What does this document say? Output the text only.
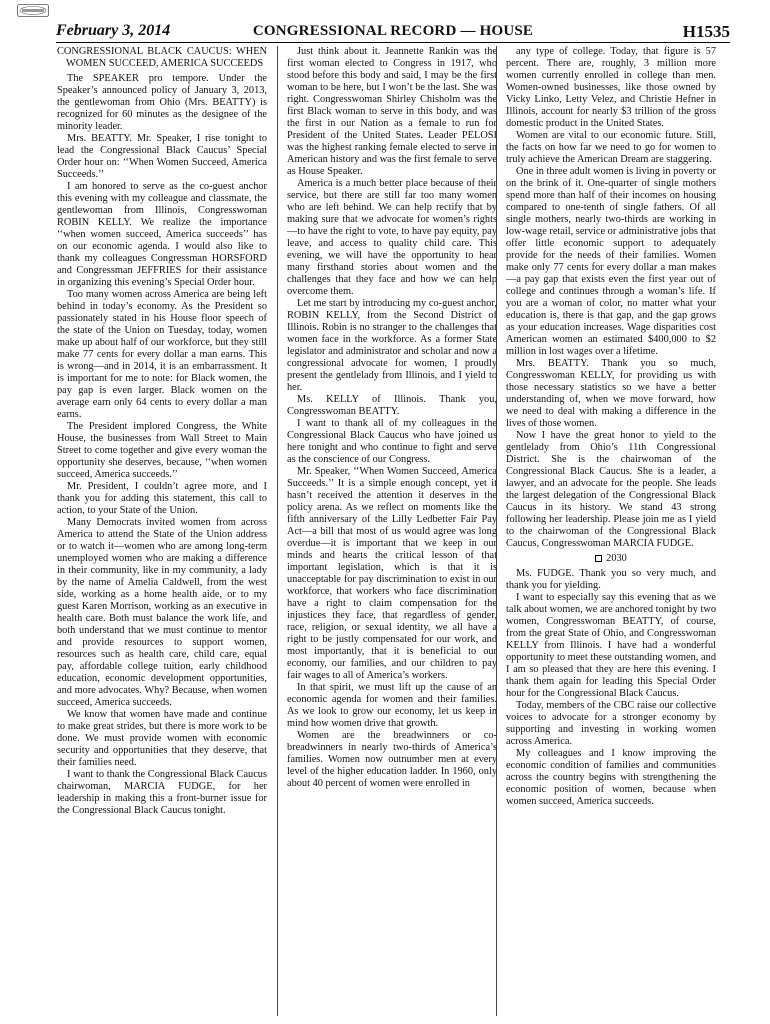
February 3, 2014	CONGRESSIONAL RECORD — HOUSE	H1535

CONGRESSIONAL BLACK CAUCUS: WHEN WOMEN SUCCEED, AMERICA SUCCEEDS

The SPEAKER pro tempore. Under the Speaker’s announced policy of January 3, 2013, the gentlewoman from Ohio (Mrs. BEATTY) is recognized for 60 minutes as the designee of the minority leader.

Mrs. BEATTY. Mr. Speaker, I rise tonight to lead the Congressional Black Caucus’ Special Order hour on: ‘‘When Women Succeed, America Succeeds.’’

I am honored to serve as the co-guest anchor this evening with my colleague and classmate, the gentlewoman from Illinois, Congresswoman ROBIN KELLY. We realize the importance ‘‘when women succeed, America succeeds’’ has on our economic agenda. I would also like to thank my colleagues Congressman HORSFORD and Congressman JEFFRIES for their assistance in organizing this evening’s Special Order hour.

Too many women across America are being left behind in today’s economy. As the President so passionately stated in his House floor speech of the state of the Union on Tuesday, today, women make up about half of our workforce, but they still make 77 cents for every dollar a man earns. This is wrong—and in 2014, it is an embarrassment. It is important for me to note: for Black women, the pay gap is even larger. Black women on the average earn only 64 cents to every dollar a man earns.

The President implored Congress, the White House, the businesses from Wall Street to Main Street to come together and give every woman the opportunity she deserves, because, ‘‘when women succeed, America succeeds.’’

Mr. President, I couldn’t agree more, and I thank you for adding this statement, this call to action, to your State of the Union.

Many Democrats invited women from across America to attend the State of the Union address or to watch it—women who are among long-term unemployed women who are making a difference in their community, like in my community, a lady by the name of Amelia Caldwell, from the west side, working as a home health aide, or to my guest Karen Morrison, working as an executive in health care. Both must balance the work life, and both understand that we must continue to mentor and provide resources to support women, resources such as health care, child care, equal pay, affordable college tuition, early childhood education, economic development opportunities, and more advocates. Why? Because, when women succeed, America succeeds.

We know that women have made and continue to make great strides, but there is more work to be done. We must provide women with economic security and opportunities that they deserve, that their families need.

I want to thank the Congressional Black Caucus chairwoman, MARCIA FUDGE, for her leadership in making this a front-burner issue for the Congressional Black Caucus tonight.

Just think about it. Jeannette Rankin was the first woman elected to Congress in 1917, who stood before this body and said, I may be the first woman to be here, but I won’t be the last. She was right. Congresswoman Shirley Chisholm was the first Black woman to serve in this body, and was the first in our Nation as a female to run for President of the United States. Leader PELOSI was the highest ranking female elected to serve in American history and was the first female to serve as House Speaker.

America is a much better place because of their service, but there are still far too many women who are left behind. We can help rectify that by making sure that we advocate for women’s rights—to have the right to vote, to have pay equity, pay leave, and access to quality child care. This evening, we will have the opportunity to hear many firsthand stories about women and the challenges that they face and how we can help overcome them.

Let me start by introducing my co-guest anchor, ROBIN KELLY, from the Second District of Illinois. Robin is no stranger to the challenges that women face in the workforce. As a former State legislator and administrator and scholar and now a congressional advocate for women, I proudly present the gentlelady from Illinois, and I yield to her.

Ms. KELLY of Illinois. Thank you, Congresswoman BEATTY.

I want to thank all of my colleagues in the Congressional Black Caucus who have joined us here tonight and who continue to fight and serve as the conscience of our Congress.

Mr. Speaker, ‘‘When Women Succeed, America Succeeds.’’ It is a simple enough concept, yet it hasn’t received the attention it deserves in the policy arena. As we reflect on moments like the fifth anniversary of the Lilly Ledbetter Fair Pay Act—a bill that most of us would agree was long overdue—it is important that we keep in our minds and hearts the critical lesson of that important legislation, which is that it is unacceptable for pay discrimination to exist in our workforce, that workers who face discrimination have a right to claim compensation for the injustices they face, that regardless of gender, race, religion, or sexual identity, we all have a right to be justly compensated for our work, and most importantly, that it is beneficial to our economy, our families, and our children to pay fair wages to all of America’s workers.

In that spirit, we must lift up the cause of an economic agenda for women and their families. As we look to grow our economy, let us keep in mind how women drive that growth.

Women are the breadwinners or co-breadwinners in nearly two-thirds of America’s families. Women now outnumber men at every level of the higher education ladder. In 1960, only about 40 percent of women were enrolled in

any type of college. Today, that figure is 57 percent. There are, roughly, 3 million more women currently enrolled in college than men. Women-owned businesses, like those owned by Vicky Linko, Letty Velez, and Christie Hefner in Illinois, account for nearly $3 trillion of the gross domestic product in the United States.

Women are vital to our economic future. Still, the facts on how far we need to go for women to truly achieve the American Dream are staggering.

One in three adult women is living in poverty or on the brink of it. One-quarter of single mothers spend more than half of their incomes on housing compared to one-tenth of single fathers. Of all single mothers, nearly two-thirds are working in low-wage retail, service or administrative jobs that offer little economic support to adequately provide for the needs of their families. Women make only 77 cents for every dollar a man makes—a pay gap that exists even the first year out of college and continues through a woman’s life. If you are a woman of color, no matter what your education is, there is that gap, and the gap grows as your education increases. Wage disparities cost American women an estimated $400,000 to $2 million in lost wages over a lifetime.

Mrs. BEATTY. Thank you so much, Congresswoman KELLY, for providing us with those necessary statistics so we have a better understanding of, when we move forward, how we need to deal with making a difference in the lives of those women.

Now I have the great honor to yield to the gentlelady from Ohio’s 11th Congressional District. She is the chairwoman of the Congressional Black Caucus. She is a leader, a lawyer, and an advocate for the people. She leads the largest delegation of the Congressional Black Caucus in its history. We stand 43 strong following her leadership. Please join me as I yield to the chairwoman of the Congressional Black Caucus, Congresswoman MARCIA FUDGE.

2030

Ms. FUDGE. Thank you so very much, and thank you for yielding.

I want to especially say this evening that as we talk about women, we are anchored tonight by two women, Congresswoman BEATTY, of course, from the great State of Ohio, and Congresswoman KELLY from Illinois. I have had a wonderful opportunity to meet these outstanding women, and I am so pleased that they are here this evening. I thank them again for leading this Special Order hour for the Congressional Black Caucus.

Today, members of the CBC raise our collective voices to advocate for a stronger economy by supporting and investing in working women across America.

My colleagues and I know improving the economic condition of families and communities across the country begins with strengthening the economic position of women, because when women succeed, America succeeds.
